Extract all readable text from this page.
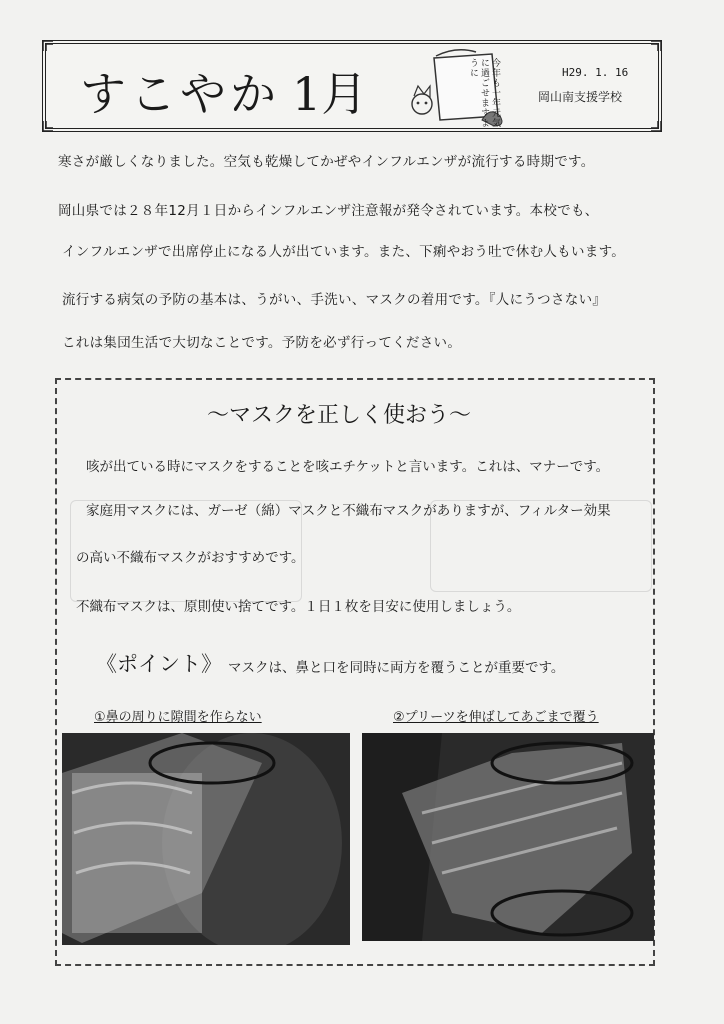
すこやか 1月	今年も一年元気に過ごせますように	H29. 1. 16
岡山南支援学校
寒さが厳しくなりました。空気も乾燥してかぜやインフルエンザが流行する時期です。
岡山県では２８年12月１日からインフルエンザ注意報が発令されています。本校でも、
インフルエンザで出席停止になる人が出ています。また、下痢やおう吐で休む人もいます。
流行する病気の予防の基本は、うがい、手洗い、マスクの着用です。『人にうつさない』
これは集団生活で大切なことです。予防を必ず行ってください。
～マスクを正しく使おう～
咳が出ている時にマスクをすることを咳エチケットと言います。これは、マナーです。
家庭用マスクには、ガーゼ（綿）マスクと不織布マスクがありますが、フィルター効果
の高い不織布マスクがおすすめです。
不織布マスクは、原則使い捨てです。１日１枚を目安に使用しましょう。
《ポイント》 マスクは、鼻と口を同時に両方を覆うことが重要です。
①鼻の周りに隙間を作らない	②プリーツを伸ばしてあごまで覆う
